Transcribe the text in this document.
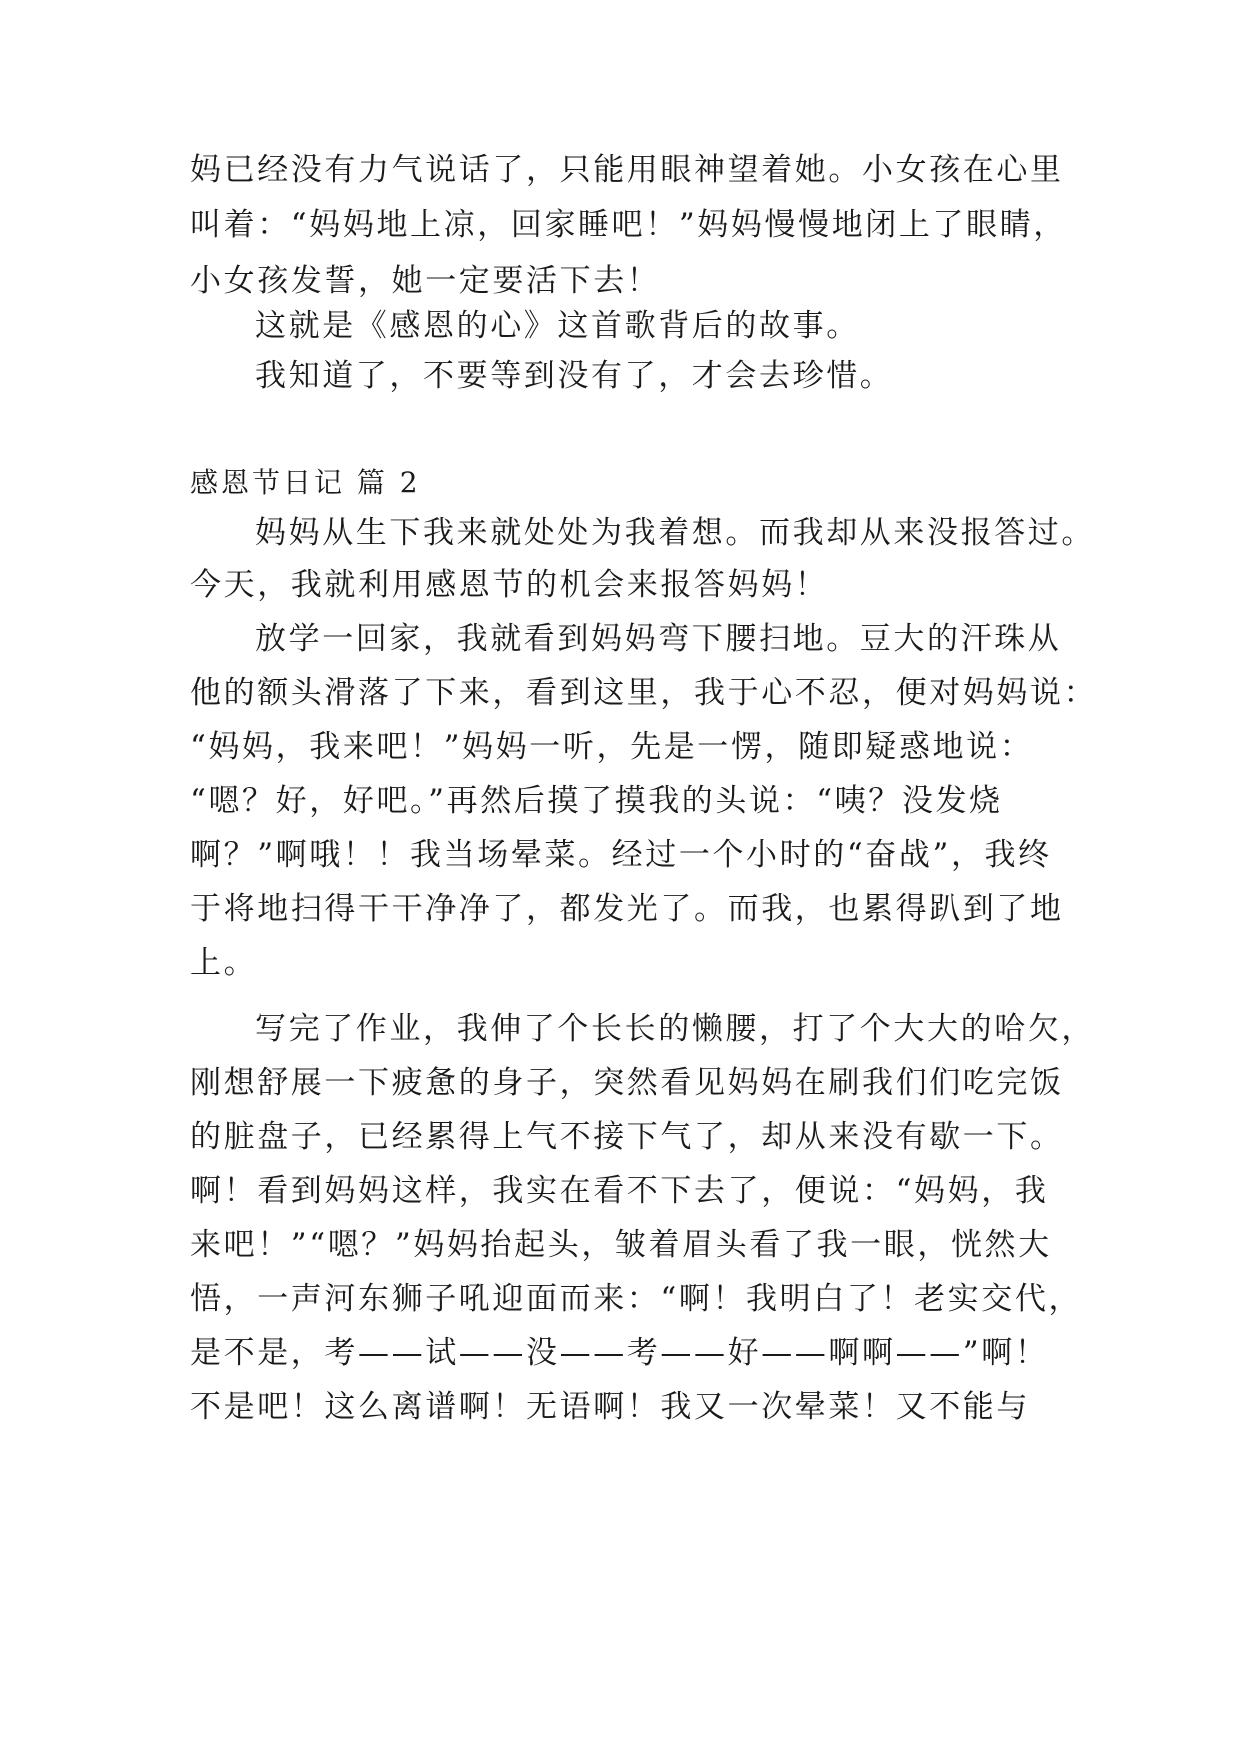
妈已经没有力气说话了，只能用眼神望着她。小女孩在心里
叫着：“妈妈地上凉，回家睡吧！”妈妈慢慢地闭上了眼睛，
小女孩发誓，她一定要活下去！
这就是《感恩的心》这首歌背后的故事。
我知道了，不要等到没有了，才会去珍惜。
感恩节日记 篇 2
妈妈从生下我来就处处为我着想。而我却从来没报答过。
今天，我就利用感恩节的机会来报答妈妈！
放学一回家，我就看到妈妈弯下腰扫地。豆大的汗珠从
他的额头滑落了下来，看到这里，我于心不忍，便对妈妈说：
“妈妈，我来吧！”妈妈一听，先是一愣，随即疑惑地说：
“嗯？好，好吧。”再然后摸了摸我的头说：“咦？没发烧
啊？”啊哦！！我当场晕菜。经过一个小时的“奋战”，我终
于将地扫得干干净净了，都发光了。而我，也累得趴到了地
上。
写完了作业，我伸了个长长的懒腰，打了个大大的哈欠，
刚想舒展一下疲惫的身子，突然看见妈妈在刷我们们吃完饭
的脏盘子，已经累得上气不接下气了，却从来没有歇一下。
啊！看到妈妈这样，我实在看不下去了，便说：“妈妈，我
来吧！”“嗯？”妈妈抬起头，皱着眉头看了我一眼，恍然大
悟，一声河东狮子吼迎面而来：“啊！我明白了！老实交代，
是不是，考——试——没——考——好——啊啊——”啊！
不是吧！这么离谱啊！无语啊！我又一次晕菜！又不能与
